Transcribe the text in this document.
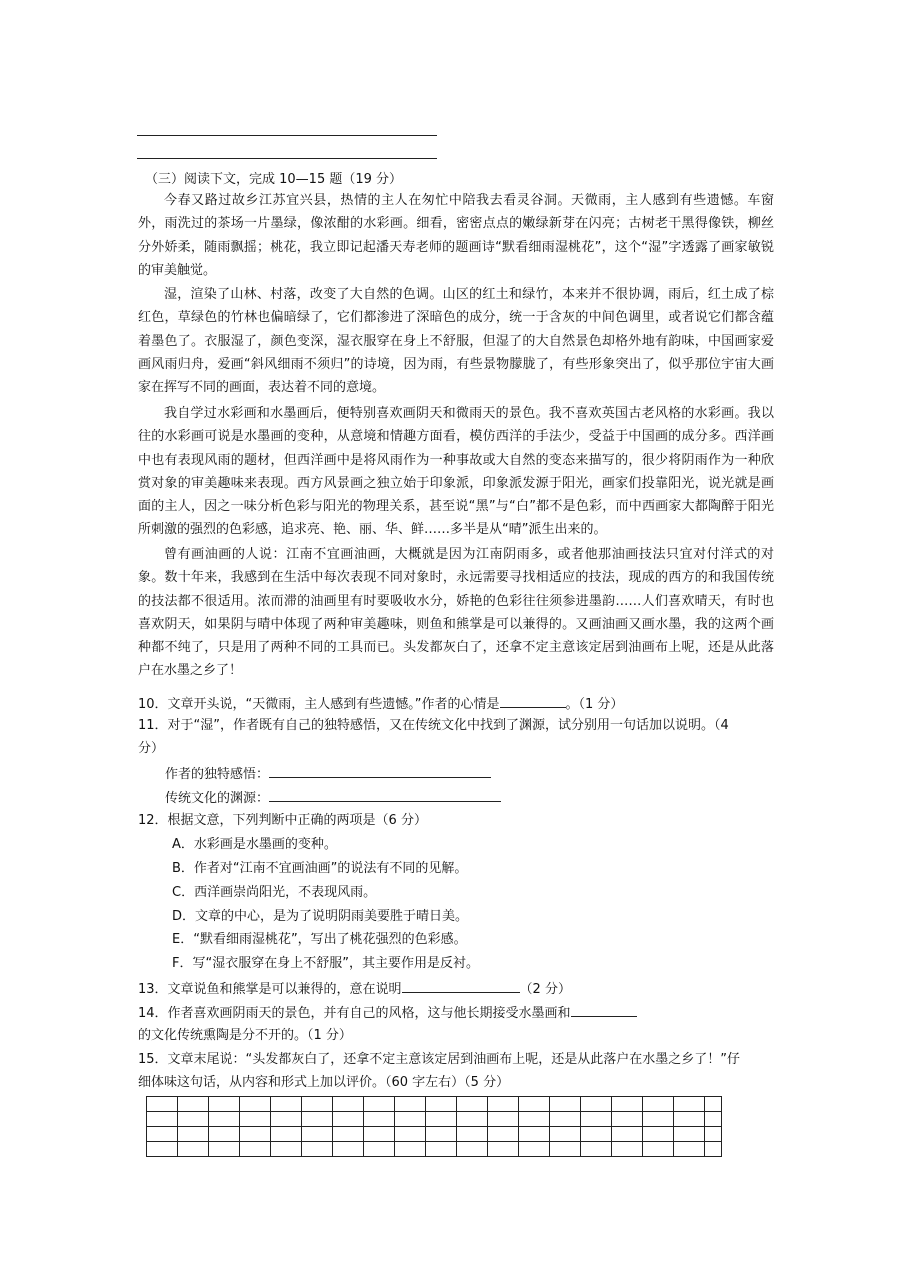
（三）阅读下文，完成 10—15 题（19 分）
今春又路过故乡江苏宜兴县，热情的主人在匆忙中陪我去看灵谷洞。天微雨，主人感到有些遗憾。车窗外，雨洗过的茶场一片墨绿，像浓酣的水彩画。细看，密密点点的嫩绿新芽在闪亮；古树老干黑得像铁，柳丝分外娇柔，随雨飘摇；桃花，我立即记起潘天寿老师的题画诗“默看细雨湿桃花”，这个“湿”字透露了画家敏锐的审美触觉。
湿，渲染了山林、村落，改变了大自然的色调。山区的红土和绿竹，本来并不很协调，雨后，红土成了棕红色，草绿色的竹林也偏暗绿了，它们都渗进了深暗色的成分，统一于含灰的中间色调里，或者说它们都含蕴着墨色了。衣服湿了，颜色变深，湿衣服穿在身上不舒服，但湿了的大自然景色却格外地有韵味，中国画家爱画风雨归舟，爱画“斜风细雨不须归”的诗境，因为雨，有些景物朦胧了，有些形象突出了，似乎那位宇宙大画家在挥写不同的画面，表达着不同的意境。
我自学过水彩画和水墨画后，便特别喜欢画阴天和微雨天的景色。我不喜欢英国古老风格的水彩画。我以往的水彩画可说是水墨画的变种，从意境和情趣方面看，模仿西洋的手法少，受益于中国画的成分多。西洋画中也有表现风雨的题材，但西洋画中是将风雨作为一种事故或大自然的变态来描写的，很少将阴雨作为一种欣赏对象的审美趣味来表现。西方风景画之独立始于印象派，印象派发源于阳光，画家们投靠阳光，说光就是画面的主人，因之一味分析色彩与阳光的物理关系，甚至说“黑”与“白”都不是色彩，而中西画家大都陶醉于阳光所刺激的强烈的色彩感，追求亮、艳、丽、华、鲜……多半是从“晴”派生出来的。
曾有画油画的人说：江南不宜画油画，大概就是因为江南阴雨多，或者他那油画技法只宜对付洋式的对象。数十年来，我感到在生活中每次表现不同对象时，永远需要寻找相适应的技法，现成的西方的和我国传统的技法都不很适用。浓而滞的油画里有时要吸收水分，娇艳的色彩往往须参进墨韵……人们喜欢晴天，有时也喜欢阴天，如果阴与晴中体现了两种审美趣味，则鱼和熊掌是可以兼得的。又画油画又画水墨，我的这两个画种都不纯了，只是用了两种不同的工具而已。头发都灰白了，还拿不定主意该定居到油画布上呢，还是从此落户在水墨之乡了！
10．文章开头说，“天微雨，主人感到有些遗憾。”作者的心情是	。（1 分）
11．对于“湿”，作者既有自己的独特感悟，又在传统文化中找到了渊源，试分别用一句话加以说明。（4
分）
作者的独特感悟：
传统文化的渊源：
12．根据文意，下列判断中正确的两项是（6 分）
A．水彩画是水墨画的变种。
B．作者对“江南不宜画油画”的说法有不同的见解。
C．西洋画崇尚阳光，不表现风雨。
D．文章的中心，是为了说明阴雨美要胜于晴日美。
E．“默看细雨湿桃花”，写出了桃花强烈的色彩感。
F．写“湿衣服穿在身上不舒服”，其主要作用是反衬。
13．文章说鱼和熊掌是可以兼得的，意在说明	（2 分）
14．作者喜欢画阴雨天的景色，并有自己的风格，这与他长期接受水墨画和
的文化传统熏陶是分不开的。（1 分）
15．文章末尾说：“头发都灰白了，还拿不定主意该定居到油画布上呢，还是从此落户在水墨之乡了！”仔
细体味这句话，从内容和形式上加以评价。（60 字左右）（5 分）
